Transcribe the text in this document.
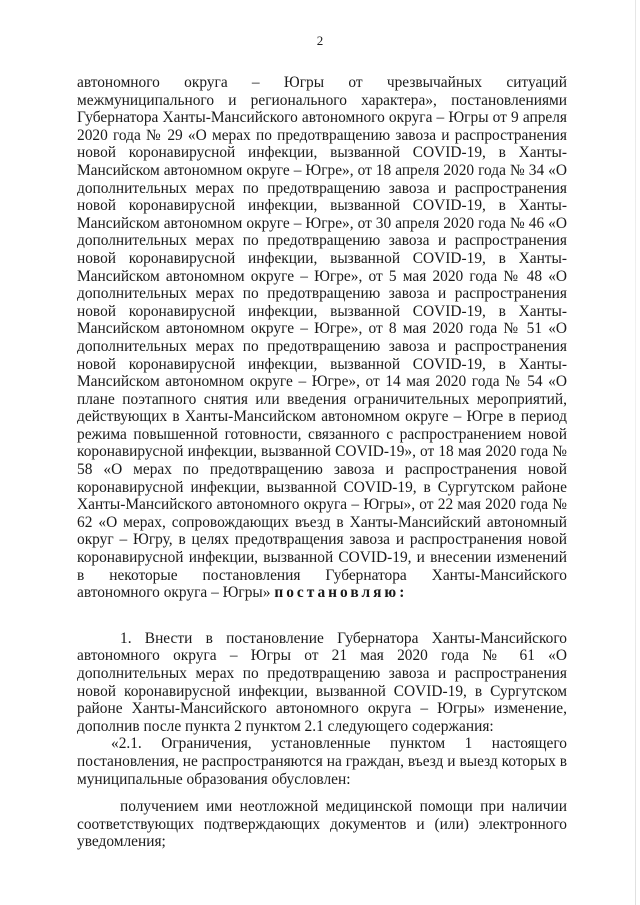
2

автономного округа – Югры от чрезвычайных ситуаций межмуниципального и регионального характера», постановлениями Губернатора Ханты-Мансийского автономного округа – Югры от 9 апреля 2020 года № 29 «О мерах по предотвращению завоза и распространения новой коронавирусной инфекции, вызванной COVID-19, в Ханты-Мансийском автономном округе – Югре», от 18 апреля 2020 года № 34 «О дополнительных мерах по предотвращению завоза и распространения новой коронавирусной инфекции, вызванной COVID-19, в Ханты-Мансийском автономном округе – Югре», от 30 апреля 2020 года № 46 «О дополнительных мерах по предотвращению завоза и распространения новой коронавирусной инфекции, вызванной COVID-19, в Ханты-Мансийском автономном округе – Югре», от 5 мая 2020 года № 48 «О дополнительных мерах по предотвращению завоза и распространения новой коронавирусной инфекции, вызванной COVID-19, в Ханты-Мансийском автономном округе – Югре», от 8 мая 2020 года № 51 «О дополнительных мерах по предотвращению завоза и распространения новой коронавирусной инфекции, вызванной COVID-19, в Ханты-Мансийском автономном округе – Югре», от 14 мая 2020 года № 54 «О плане поэтапного снятия или введения ограничительных мероприятий, действующих в Ханты-Мансийском автономном округе – Югре в период режима повышенной готовности, связанного с распространением новой коронавирусной инфекции, вызванной COVID-19», от 18 мая 2020 года № 58 «О мерах по предотвращению завоза и распространения новой коронавирусной инфекции, вызванной COVID-19, в Сургутском районе Ханты-Мансийского автономного округа – Югры», от 22 мая 2020 года № 62 «О мерах, сопровождающих въезд в Ханты-Мансийский автономный округ – Югру, в целях предотвращения завоза и распространения новой коронавирусной инфекции, вызванной COVID-19, и внесении изменений в некоторые постановления Губернатора Ханты-Мансийского автономного округа – Югры» постановляю:

1. Внести в постановление Губернатора Ханты-Мансийского автономного округа – Югры от 21 мая 2020 года № 61 «О дополнительных мерах по предотвращению завоза и распространения новой коронавирусной инфекции, вызванной COVID-19, в Сургутском районе Ханты-Мансийского автономного округа – Югры» изменение, дополнив после пункта 2 пунктом 2.1 следующего содержания:

«2.1. Ограничения, установленные пунктом 1 настоящего постановления, не распространяются на граждан, въезд и выезд которых в муниципальные образования обусловлен:

получением ими неотложной медицинской помощи при наличии соответствующих подтверждающих документов и (или) электронного уведомления;
